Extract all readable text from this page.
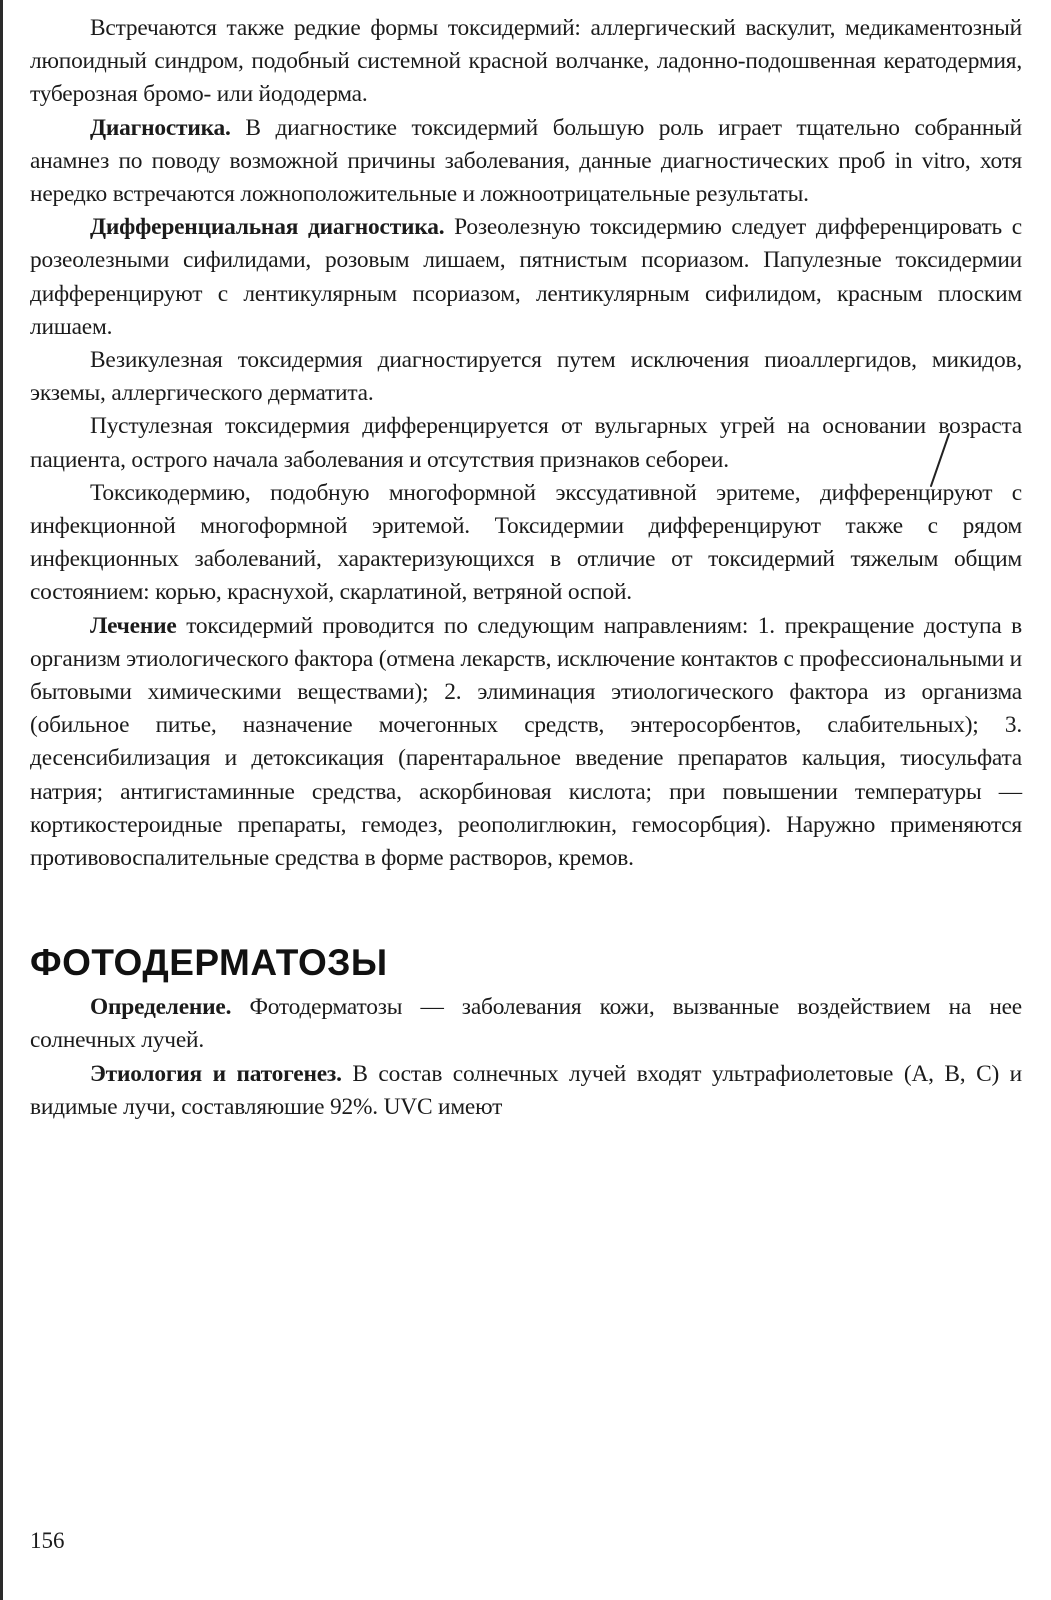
Встречаются также редкие формы токсидермий: аллергический васкулит, медикаментозный люпоидный синдром, подобный системной красной волчанке, ладонно-подошвенная кератодермия, туберозная бромо- или йододерма.

Диагностика. В диагностике токсидермий большую роль играет тщательно собранный анамнез по поводу возможной причины заболевания, данные диагностических проб in vitro, хотя нередко встречаются ложноположительные и ложноотрицательные результаты.

Дифференциальная диагностика. Розеолезную токсидермию следует дифференцировать с розеолезными сифилидами, розовым лишаем, пятнистым псориазом. Папулезные токсидермии дифференцируют с лентикулярным псориазом, лентикулярным сифилидом, красным плоским лишаем.

Везикулезная токсидермия диагностируется путем исключения пиоаллергидов, микидов, экземы, аллергического дерматита.

Пустулезная токсидермия дифференцируется от вульгарных угрей на основании возраста пациента, острого начала заболевания и отсутствия признаков себореи.

Токсикодермию, подобную многоформной экссудативной эритеме, дифференцируют с инфекционной многоформной эритемой. Токсидермии дифференцируют также с рядом инфекционных заболеваний, характеризующихся в отличие от токсидермий тяжелым общим состоянием: корью, краснухой, скарлатиной, ветряной оспой.

Лечение токсидермий проводится по следующим направлениям: 1. прекращение доступа в организм этиологического фактора (отмена лекарств, исключение контактов с профессиональными и бытовыми химическими веществами); 2. элиминация этиологического фактора из организма (обильное питье, назначение мочегонных средств, энтеросорбентов, слабительных); 3. десенсибилизация и детоксикация (парентаральное введение препаратов кальция, тиосульфата натрия; антигистаминные средства, аскорбиновая кислота; при повышении температуры — кортикостероидные препараты, гемодез, реополиглюкин, гемосорбция). Наружно применяются противовоспалительные средства в форме растворов, кремов.

ФОТОДЕРМАТОЗЫ

Определение. Фотодерматозы — заболевания кожи, вызванные воздействием на нее солнечных лучей.

Этиология и патогенез. В состав солнечных лучей входят ультрафиолетовые (А, В, С) и видимые лучи, составляюшие 92%. UVC имеют

156
